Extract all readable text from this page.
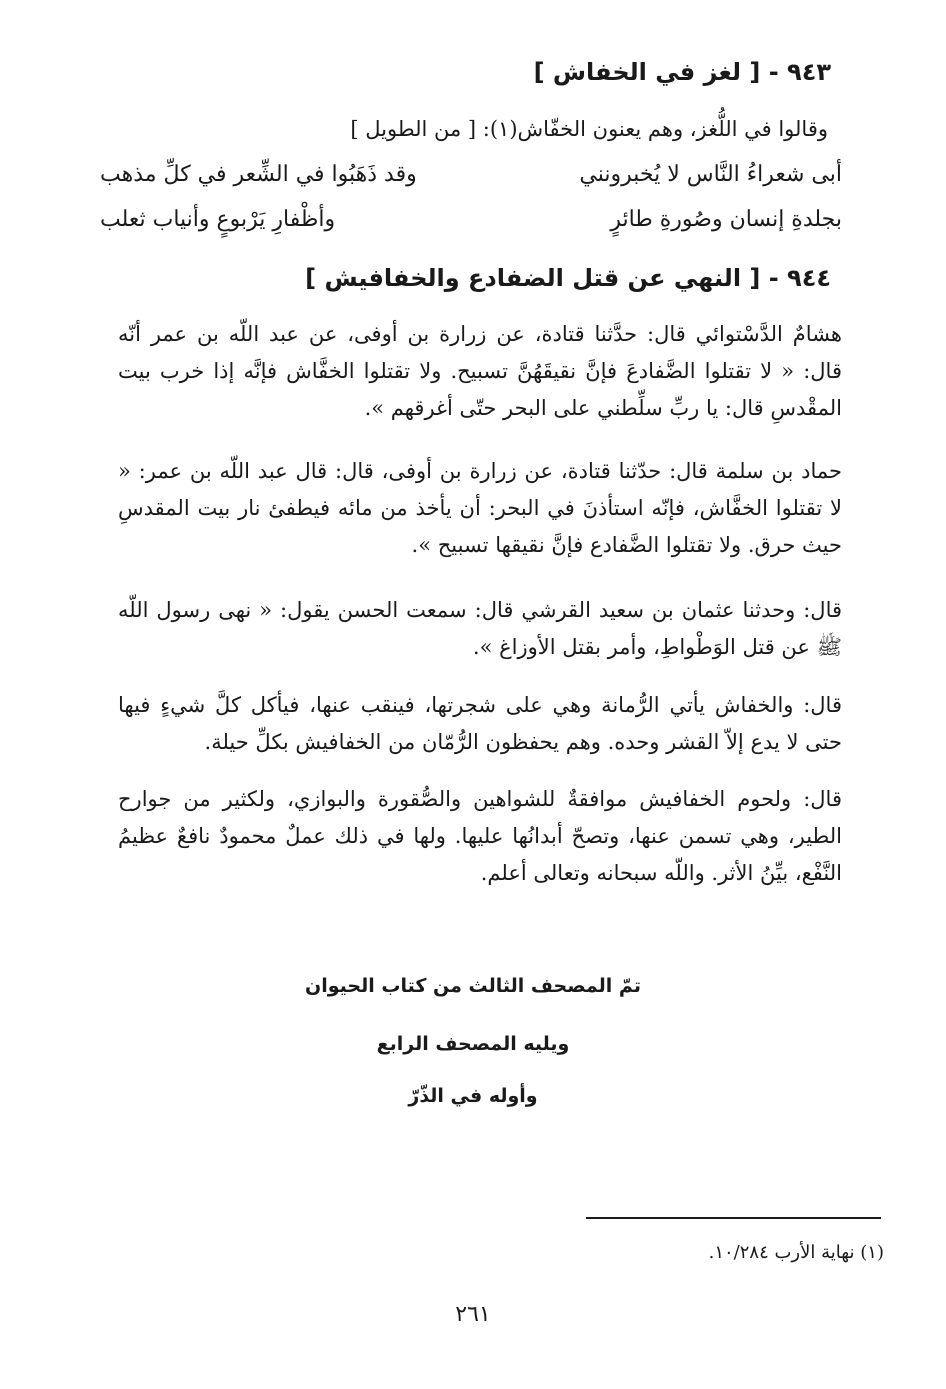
٩٤٣ - [ لغز في الخفاش ]
وقالوا في اللُّغز، وهم يعنون الخفّاش(١): [ من الطويل ]
أبى شعراءُ النَّاس لا يُخبرونني
وقد ذَهَبُوا في الشِّعر في كلِّ مذهب
بجلدةِ إنسان وصُورةِ طائرٍ
وأظْفارِ يَرْبوعٍ وأنياب ثعلب
٩٤٤ - [ النهي عن قتل الضفادع والخفافيش ]

هشامٌ الدَّسْتوائي قال: حدَّثنا قتادة، عن زرارة بن أوفى، عن عبد اللّه بن عمر أنّه قال: « لا تقتلوا الضَّفادعَ فإنَّ نقيقَهُنَّ تسبيح. ولا تقتلوا الخفَّاش فإنَّه إذا خرب بيت المقْدسِ قال: يا ربِّ سلِّطني على البحر حتّى أغرقهم ».

حماد بن سلمة قال: حدّثنا قتادة، عن زرارة بن أوفى، قال: قال عبد اللّه بن عمر: « لا تقتلوا الخفَّاش، فإنّه استأذنَ في البحر: أن يأخذ من مائه فيطفئ نار بيت المقدسِ حيث حرق. ولا تقتلوا الضَّفادع فإنَّ نقيقها تسبيح ».

قال: وحدثنا عثمان بن سعيد القرشي قال: سمعت الحسن يقول: « نهى رسول اللّه ﷺ عن قتل الوَطْواطِ، وأمر بقتل الأوزاغ ».

قال: والخفاش يأتي الرُّمانة وهي على شجرتها، فينقب عنها، فيأكل كلَّ شيءٍ فيها حتى لا يدع إلاّ القشر وحده. وهم يحفظون الرُّمّان من الخفافيش بكلِّ حيلة.

قال: ولحوم الخفافيش موافقةٌ للشواهين والصُّقورة والبوازي، ولكثير من جوارح الطير، وهي تسمن عنها، وتصحّ أبدانُها عليها. ولها في ذلك عملٌ محمودٌ نافعٌ عظيمُ النَّفْع، بيِّنُ الأثر. واللّه سبحانه وتعالى أعلم.

تمّ المصحف الثالث من كتاب الحيوان
ويليه المصحف الرابع
وأوله في الذّرّ
(١) نهاية الأرب ١٠/٢٨٤.
٢٦١
